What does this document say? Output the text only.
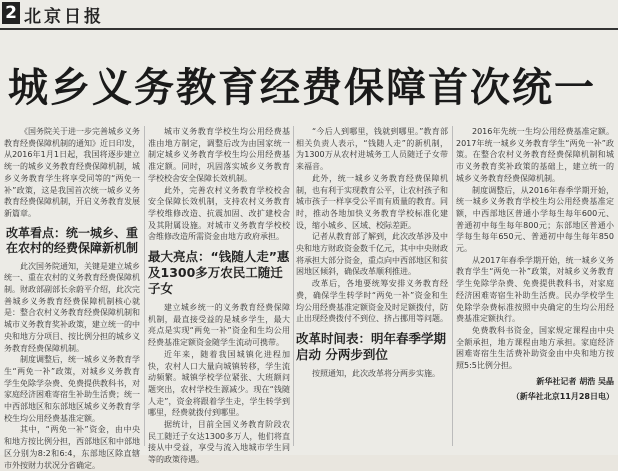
2 北京日报
城乡义务教育经费保障首次统一

《国务院关于进一步完善城乡义务教育经费保障机制的通知》近日印发，从2016年1月1日起，我国将逐步建立统一的城乡义务教育经费保障机制，城乡义务教育学生将享受同等的“两免一补”政策，这是我国首次统一城乡义务教育经费保障机制，开启义务教育发展新篇章。

改革看点：统一城乡、重在农村的经费保障新机制

此次国务院通知，关键是建立城乡统一、重在农村的义务教育经费保障机制。财政部副部长余蔚平介绍，此次完善城乡义务教育经费保障机制核心就是：整合农村义务教育经费保障机制和城市义务教育奖补政策，建立统一的中央和地方分项目、按比例分担的城乡义务教育经费保障机制。

制度调整后，统一城乡义务教育学生“两免一补”政策，对城乡义务教育学生免除学杂费、免费提供教科书，对家庭经济困难寄宿生补助生活费；统一中西部地区和东部地区城乡义务教育学校生均公用经费基准定额。

其中，“两免一补”资金，由中央和地方按比例分担，西部地区和中部地区分别为8:2和6:4，东部地区除直辖市外按财力状况分省确定。

城市义务教育学校生均公用经费基准由地方制定，调整后改为由国家统一制定城乡义务教育学校生均公用经费基准定额。同时，巩固落实城乡义务教育学校校舍安全保障长效机制。

此外，完善农村义务教育学校校舍安全保障长效机制，支持农村义务教育学校维修改造、抗震加固、改扩建校舍及其附属设施。对城市义务教育学校校舍维修改造所需资金由地方政府承担。

最大亮点：“钱随人走”惠及1300多万农民工随迁子女

建立城乡统一的义务教育经费保障机制，最直接受益的是城乡学生，最大亮点是实现“两免一补”资金和生均公用经费基准定额资金随学生流动可携带。

近年来，随着我国城镇化进程加快，农村人口大量向城镇转移，学生流动频繁。城镇学校学位紧张、大班额问题突出，农村学校生源减少。现在“钱随人走”，资金将跟着学生走，学生转学到哪里，经费就拨付到哪里。

据统计，目前全国义务教育阶段农民工随迁子女达1300多万人，他们将直接从中受益，享受与流入地城市学生同等的政策待遇。

“今后人到哪里，钱就到哪里。”教育部相关负责人表示，“钱随人走”的新机制，为1300万从农村进城务工人员随迁子女带来福音。

此外，统一城乡义务教育经费保障机制，也有利于实现教育公平，让农村孩子和城市孩子一样享受公平而有质量的教育。同时，推动各地加快义务教育学校标准化建设，缩小城乡、区域、校际差距。

记者从教育部了解到，此次改革涉及中央和地方财政资金数千亿元，其中中央财政将承担大部分资金，重点向中西部地区和贫困地区倾斜，确保改革顺利推进。

改革后，各地要统筹安排义务教育经费，确保学生转学时“两免一补”资金和生均公用经费基准定额资金及时足额拨付，防止出现经费拨付不到位、挤占挪用等问题。

改革时间表：明年春季学期启动 分两步到位

按照通知，此次改革将分两步实施。

2016年先统一生均公用经费基准定额。2017年统一城乡义务教育学生“两免一补”政策。在整合农村义务教育经费保障机制和城市义务教育奖补政策的基础上，建立统一的城乡义务教育经费保障机制。

制度调整后，从2016年春季学期开始，统一城乡义务教育学校生均公用经费基准定额，中西部地区普通小学每生每年600元、普通初中每生每年800元；东部地区普通小学每生每年650元、普通初中每生每年850元。

从2017年春季学期开始，统一城乡义务教育学生“两免一补”政策，对城乡义务教育学生免除学杂费、免费提供教科书，对家庭经济困难寄宿生补助生活费。民办学校学生免除学杂费标准按照中央确定的生均公用经费基准定额执行。

免费教科书资金，国家规定课程由中央全额承担，地方课程由地方承担。家庭经济困难寄宿生生活费补助资金由中央和地方按照5:5比例分担。

新华社记者 胡浩 吴晶
（新华社北京11月28日电）
